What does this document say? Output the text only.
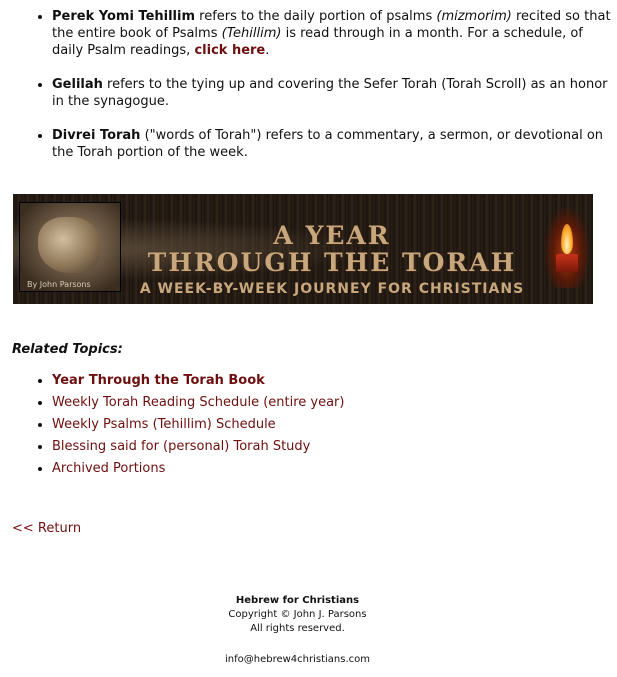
• Perek Yomi Tehillim refers to the daily portion of psalms (mizmorim) recited so that the entire book of Psalms (Tehillim) is read through in a month. For a schedule, of daily Psalm readings, click here.
• Gelilah refers to the tying up and covering the Sefer Torah (Torah Scroll) as an honor in the synagogue.
• Divrei Torah ("words of Torah") refers to a commentary, a sermon, or devotional on the Torah portion of the week.
By John Parsons
A YEAR
THROUGH THE TORAH
A WEEK-BY-WEEK JOURNEY FOR CHRISTIANS
Related Topics:
• Year Through the Torah Book
• Weekly Torah Reading Schedule (entire year)
• Weekly Psalms (Tehillim) Schedule
• Blessing said for (personal) Torah Study
• Archived Portions
<< Return
Hebrew for Christians
Copyright © John J. Parsons
All rights reserved.
info@hebrew4christians.com
